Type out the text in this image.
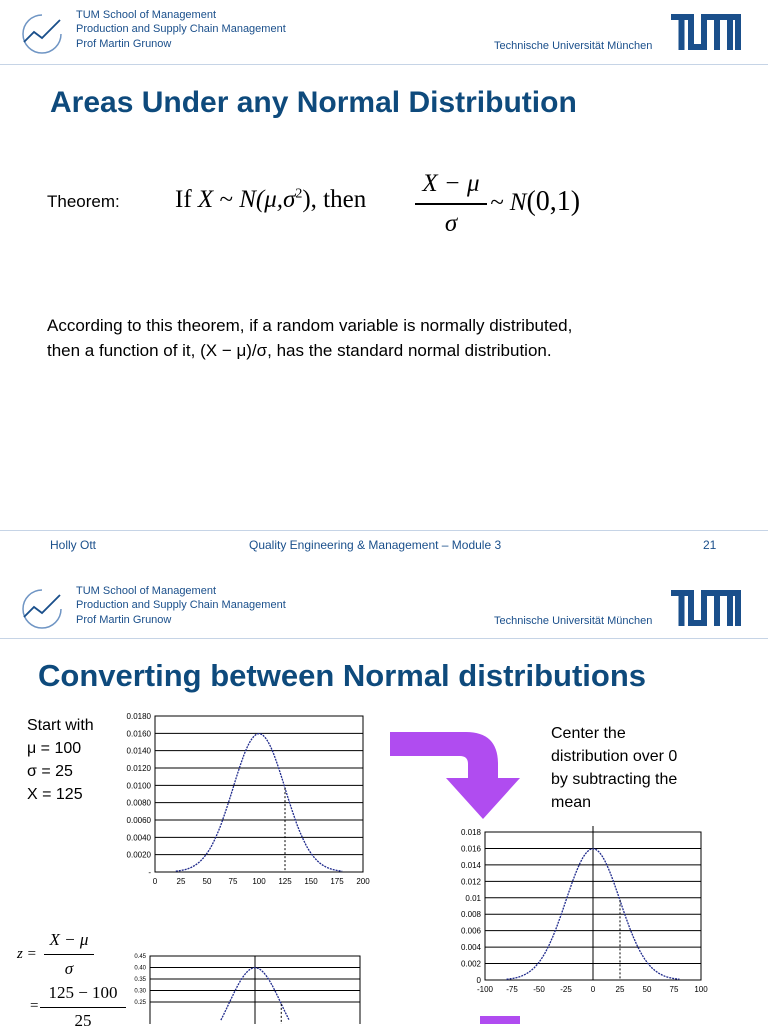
TUM School of Management
Production and Supply Chain Management
Prof Martin Grunow	Technische Universität München
Areas Under any Normal Distribution
Theorem: If X ~ $N(\mu,\sigma^2)$, then
X − μ
σ
~ N(0,1)
According to this theorem, if a random variable is normally distributed,
then a function of it, (X − μ)/σ, has the standard normal distribution.
Holly Ott	Quality Engineering & Management – Module 3	21
TUM School of Management
Production and Supply Chain Management
Prof Martin Grunow	Technische Universität München
Converting between Normal distributions
Start with
μ = 100
σ = 25
X = 125
-
0.0020
0.0040
0.0060
0.0080
0.0100
0.0120
0.0140
0.0160
0.0180
0 25 50 75 100 125 150 175 200
Center the
distribution over 0
by subtracting the
mean
0
0.002
0.004
0.006
0.008
0.01
0.012
0.014
0.016
0.018
-100 -75 -50 -25 0	25 50 75 100
z =
X − μ
σ
=
125 − 100
25
0.45
0.40
0.35
0.30
0.25
